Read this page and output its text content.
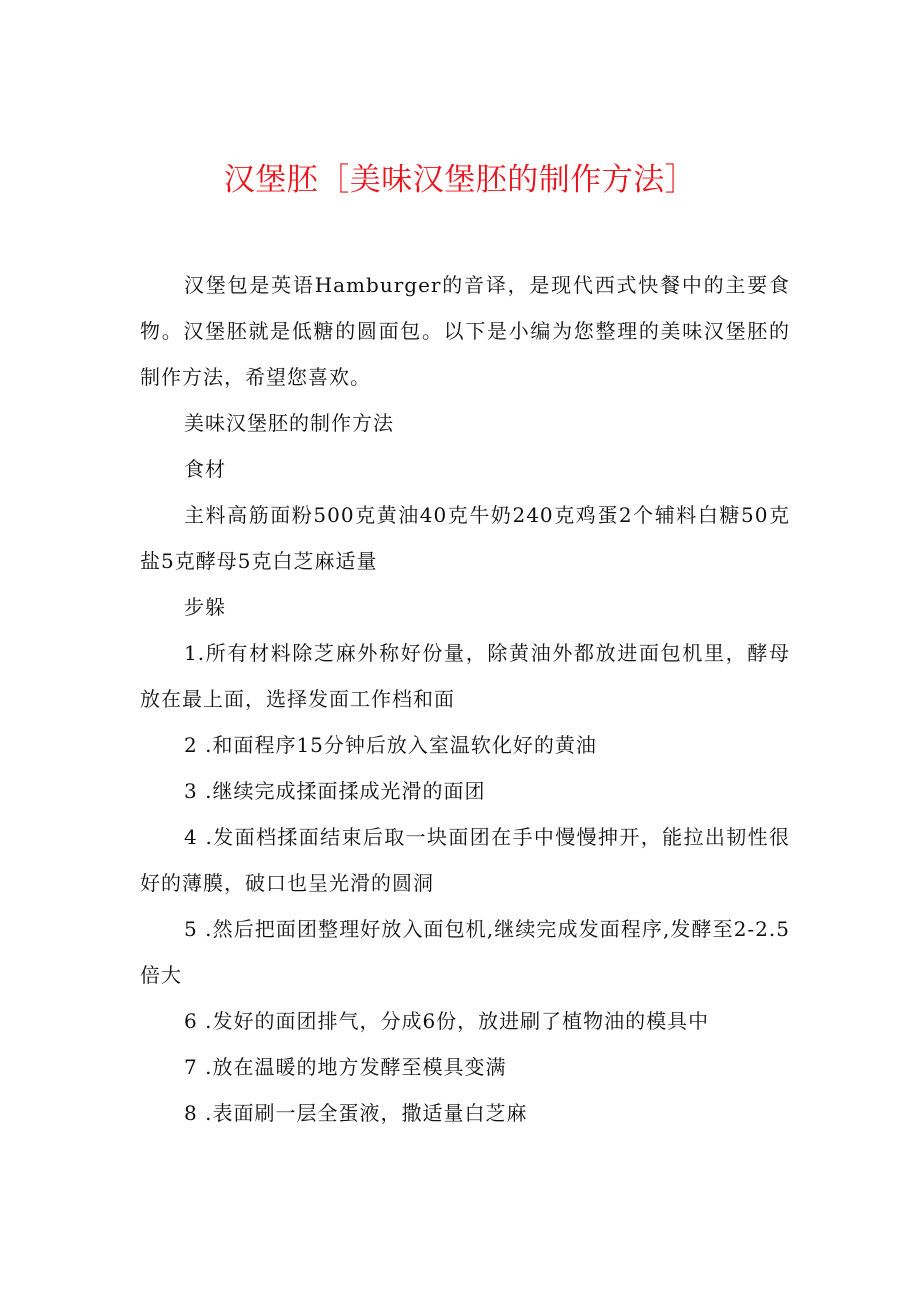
汉堡胚［美味汉堡胚的制作方法］

汉堡包是英语Hamburger的音译，是现代西式快餐中的主要食物。汉堡胚就是低糖的圆面包。以下是小编为您整理的美味汉堡胚的制作方法，希望您喜欢。

美味汉堡胚的制作方法

食材

主料高筋面粉500克黄油40克牛奶240克鸡蛋2个辅料白糖50克盐5克酵母5克白芝麻适量

步躲

1.所有材料除芝麻外称好份量，除黄油外都放进面包机里，酵母放在最上面，选择发面工作档和面

2 .和面程序15分钟后放入室温软化好的黄油

3 .继续完成揉面揉成光滑的面团

4 .发面档揉面结束后取一块面团在手中慢慢抻开，能拉出韧性很好的薄膜，破口也呈光滑的圆洞

5 .然后把面团整理好放入面包机,继续完成发面程序,发酵至2-2.5倍大

6 .发好的面团排气，分成6份，放进刷了植物油的模具中

7 .放在温暖的地方发酵至模具变满

8 .表面刷一层全蛋液，撒适量白芝麻
